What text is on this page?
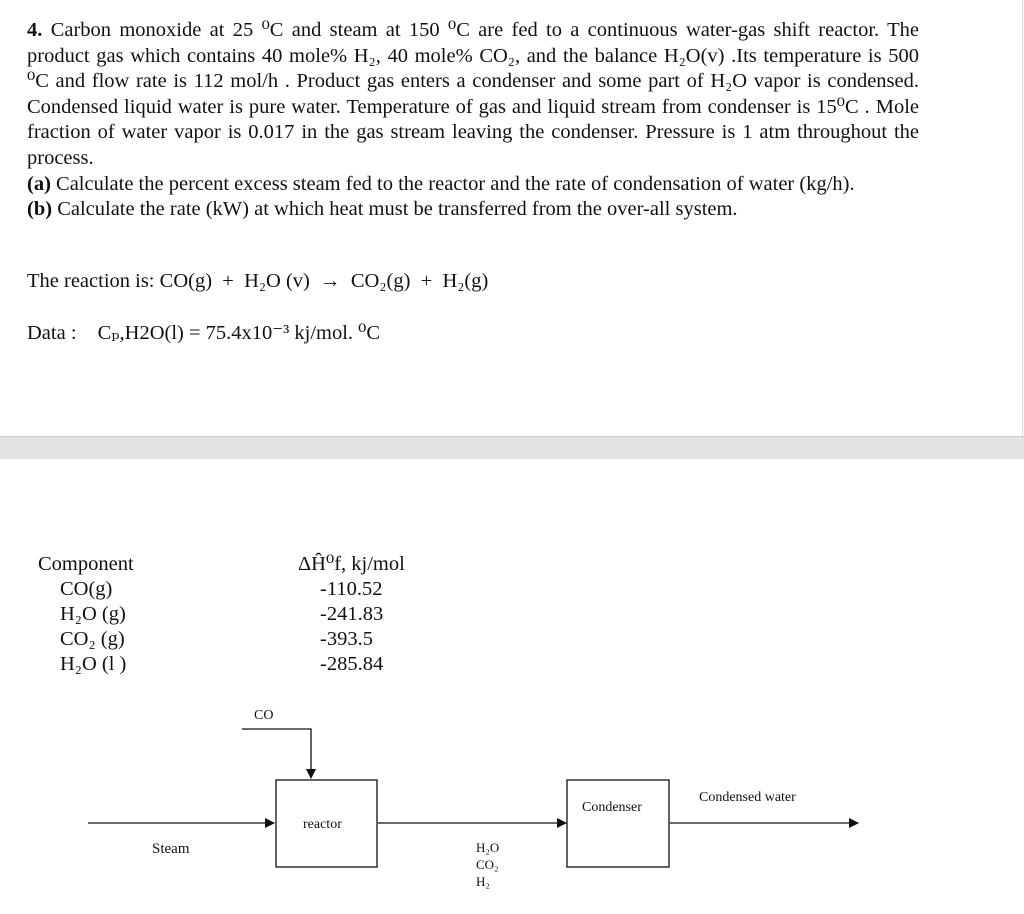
4. Carbon monoxide at 25 ⁰C and steam at 150 ⁰C are fed to a continuous water-gas shift reactor. The product gas which contains 40 mole% H₂, 40 mole% CO₂, and the balance H₂O(v) .Its temperature is 500 ⁰C and flow rate is 112 mol/h . Product gas enters a condenser and some part of H₂O vapor is condensed. Condensed liquid water is pure water. Temperature of gas and liquid stream from condenser is 15⁰C . Mole fraction of water vapor is 0.017 in the gas stream leaving the condenser. Pressure is 1 atm throughout the process.

(a) Calculate the percent excess steam fed to the reactor and the rate of condensation of water (kg/h).

(b) Calculate the rate (kW) at which heat must be transferred from the over-all system.

The reaction is: CO(g)  +  H₂O (v)  →  CO₂(g)  +  H₂(g)
Data : Cₚ,H2O(l) = 75.4x10⁻³ kj/mol. ⁰C
Component
CO(g)
H₂O (g)
CO₂ (g)
H₂O (l )
ΔĤ⁰f, kj/mol
-110.52
-241.83
-393.5
-285.84
CO
Steam
reactor
H₂O
CO₂
H₂
Condenser
Condensed water
